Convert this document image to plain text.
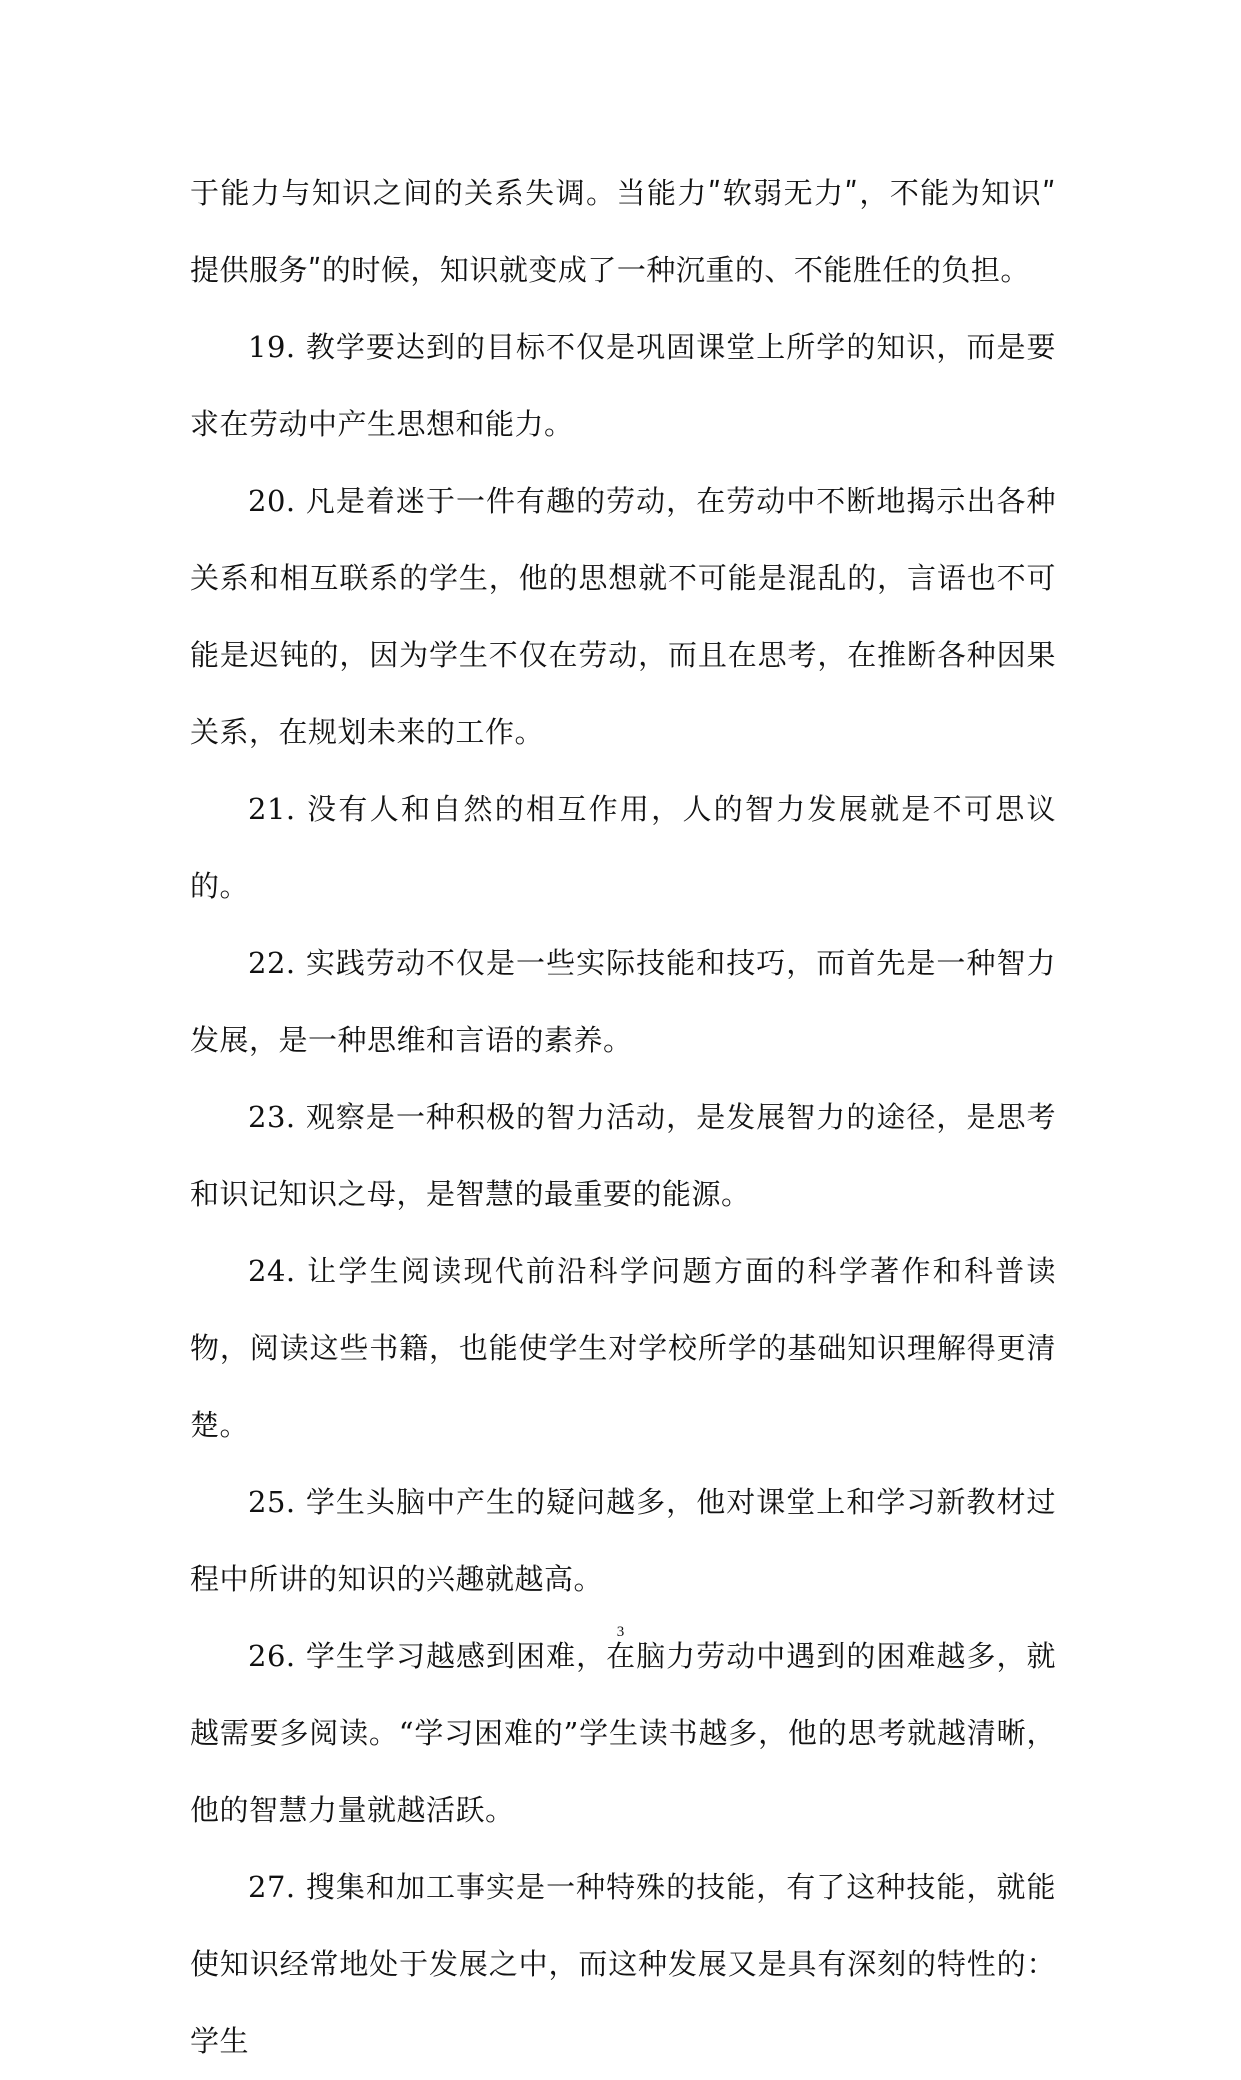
于能力与知识之间的关系失调。当能力ʺ软弱无力ʺ，不能为知识ʺ提供服务ʺ的时候，知识就变成了一种沉重的、不能胜任的负担。

19. 教学要达到的目标不仅是巩固课堂上所学的知识，而是要求在劳动中产生思想和能力。

20. 凡是着迷于一件有趣的劳动，在劳动中不断地揭示出各种关系和相互联系的学生，他的思想就不可能是混乱的，言语也不可能是迟钝的，因为学生不仅在劳动，而且在思考，在推断各种因果关系，在规划未来的工作。

21. 没有人和自然的相互作用，人的智力发展就是不可思议的。

22. 实践劳动不仅是一些实际技能和技巧，而首先是一种智力发展，是一种思维和言语的素养。

23. 观察是一种积极的智力活动，是发展智力的途径，是思考和识记知识之母，是智慧的最重要的能源。

24. 让学生阅读现代前沿科学问题方面的科学著作和科普读物，阅读这些书籍，也能使学生对学校所学的基础知识理解得更清楚。

25. 学生头脑中产生的疑问越多，他对课堂上和学习新教材过程中所讲的知识的兴趣就越高。

26. 学生学习越感到困难，在脑力劳动中遇到的困难越多，就越需要多阅读。“学习困难的”学生读书越多，他的思考就越清晰，他的智慧力量就越活跃。

27. 搜集和加工事实是一种特殊的技能，有了这种技能，就能使知识经常地处于发展之中，而这种发展又是具有深刻的特性的：学生

3
